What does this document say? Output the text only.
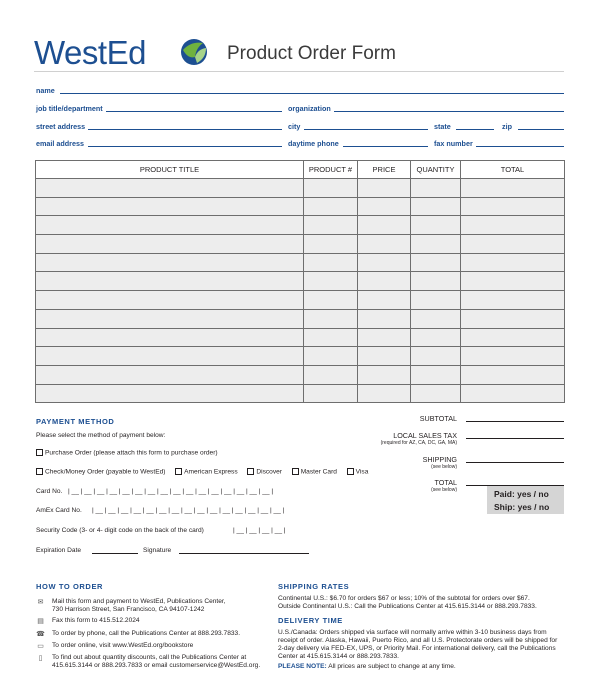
WestEd	Product Order Form
name
job title/department	organization
street address	city	state	zip
email address	daytime phone	fax number
PRODUCT TITLE	PRODUCT #	PRICE	QUANTITY	TOTAL

PAYMENT METHOD
Please select the method of payment below:
Purchase Order (please attach this form to purchase order)
Check/Money Order (payable to WestEd)	American Express	Discover	Master Card	Visa
Card No. | __ | __ | __ | __ | __ | __ | __ | __ | __ | __ | __ | __ | __ | __ | __ | __ |
AmEx Card No. | __ | __ | __ | __ | __ | __ | __ | __ | __ | __ | __ | __ | __ | __ | __ |
Security Code (3- or 4- digit code on the back of the card)	| __ | __ | __ | __ |
Expiration Date	Signature
SUBTOTAL
LOCAL SALES TAX
(required for AZ, CA, DC, GA, MA)
SHIPPING
(see below)
TOTAL
(see below)	Paid: yes / no
Ship: yes / no
HOW TO ORDER
✉ Mail this form and payment to WestEd, Publications Center,
730 Harrison Street, San Francisco, CA 94107-1242
▤ Fax this form to 415.512.2024
☎ To order by phone, call the Publications Center at 888.293.7833.
▭ To order online, visit www.WestEd.org/bookstore
▯	To find out about quantity discounts, call the Publications Center at
415.615.3144 or 888.293.7833 or email customerservice@WestEd.org.
SHIPPING RATES
Continental U.S.: $6.70 for orders $67 or less; 10% of the subtotal for orders over $67.
Outside Continental U.S.: Call the Publications Center at 415.615.3144 or 888.293.7833.
DELIVERY TIME
U.S./Canada: Orders shipped via surface will normally arrive within 3-10 business days from
receipt of order. Alaska, Hawaii, Puerto Rico, and all U.S. Protectorate orders will be shipped for
2-day delivery via FED-EX, UPS, or Priority Mail. For international delivery, call the Publications
Center at 415.615.3144 or 888.293.7833.
PLEASE NOTE: All prices are subject to change at any time.
